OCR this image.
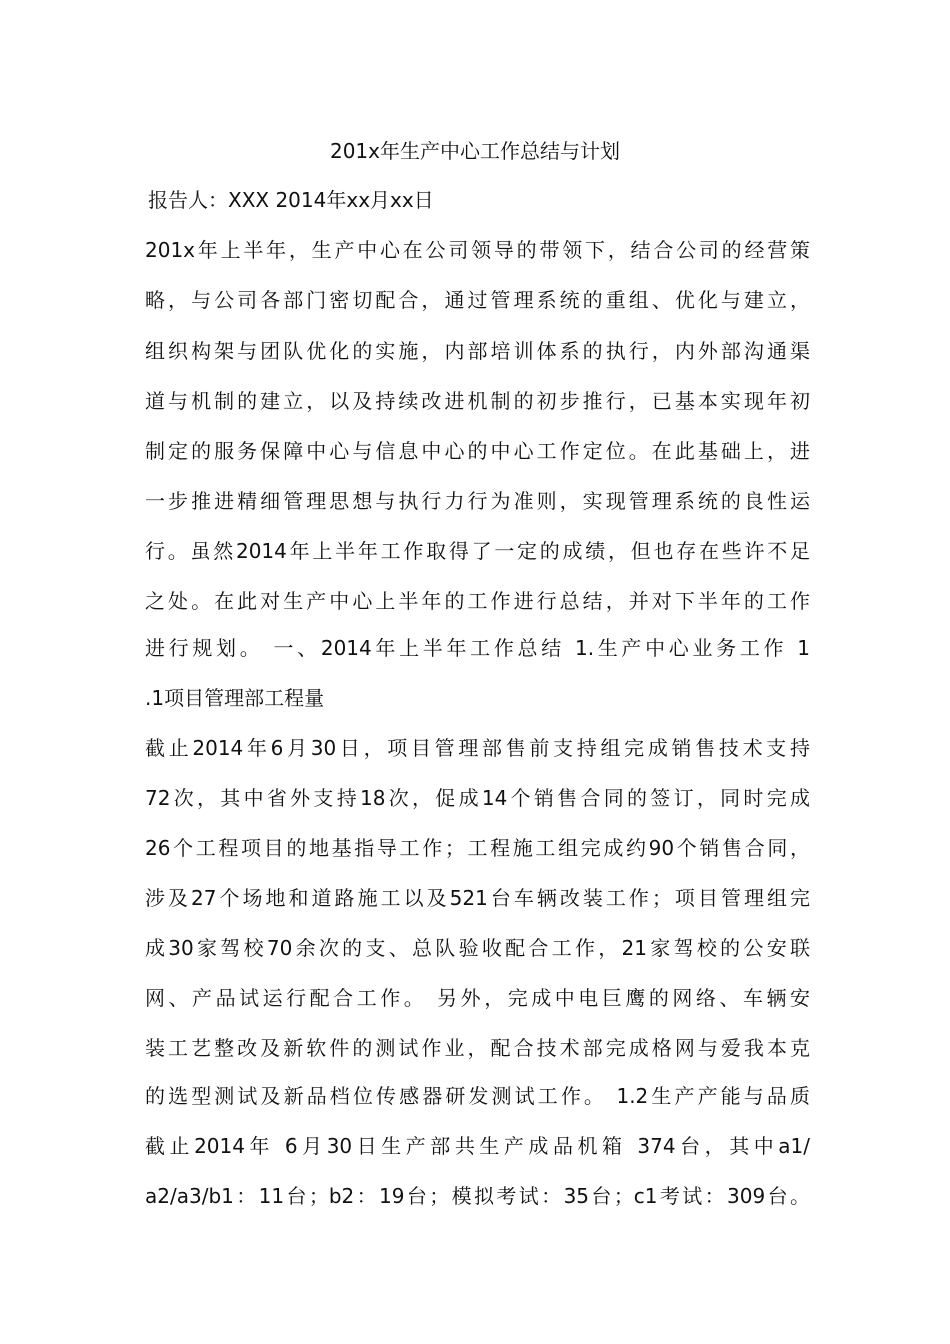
201x年生产中心工作总结与计划
报告人：XXX 2014年xx月xx日
201x年上半年，生产中心在公司领导的带领下，结合公司的经营策
略，与公司各部门密切配合，通过管理系统的重组、优化与建立，
组织构架与团队优化的实施，内部培训体系的执行，内外部沟通渠
道与机制的建立，以及持续改进机制的初步推行，已基本实现年初
制定的服务保障中心与信息中心的中心工作定位。在此基础上，进
一步推进精细管理思想与执行力行为准则，实现管理系统的良性运
行。虽然2014年上半年工作取得了一定的成绩，但也存在些许不足
之处。在此对生产中心上半年的工作进行总结，并对下半年的工作
进行规划。 一、2014年上半年工作总结 1.生产中心业务工作 1
.1项目管理部工程量
截止2014年6月30日，项目管理部售前支持组完成销售技术支持
72次，其中省外支持18次，促成14个销售合同的签订，同时完成
26个工程项目的地基指导工作；工程施工组完成约90个销售合同，
涉及27个场地和道路施工以及521台车辆改装工作；项目管理组完
成30家驾校70余次的支、总队验收配合工作，21家驾校的公安联
网、产品试运行配合工作。 另外，完成中电巨鹰的网络、车辆安
装工艺整改及新软件的测试作业，配合技术部完成格网与爱我本克
的选型测试及新品档位传感器研发测试工作。 1.2生产产能与品质
截止2014年 6月30日生产部共生产成品机箱 374台，其中a1/
a2/a3/b1：11台；b2：19台；模拟考试：35台；c1考试：309台。
